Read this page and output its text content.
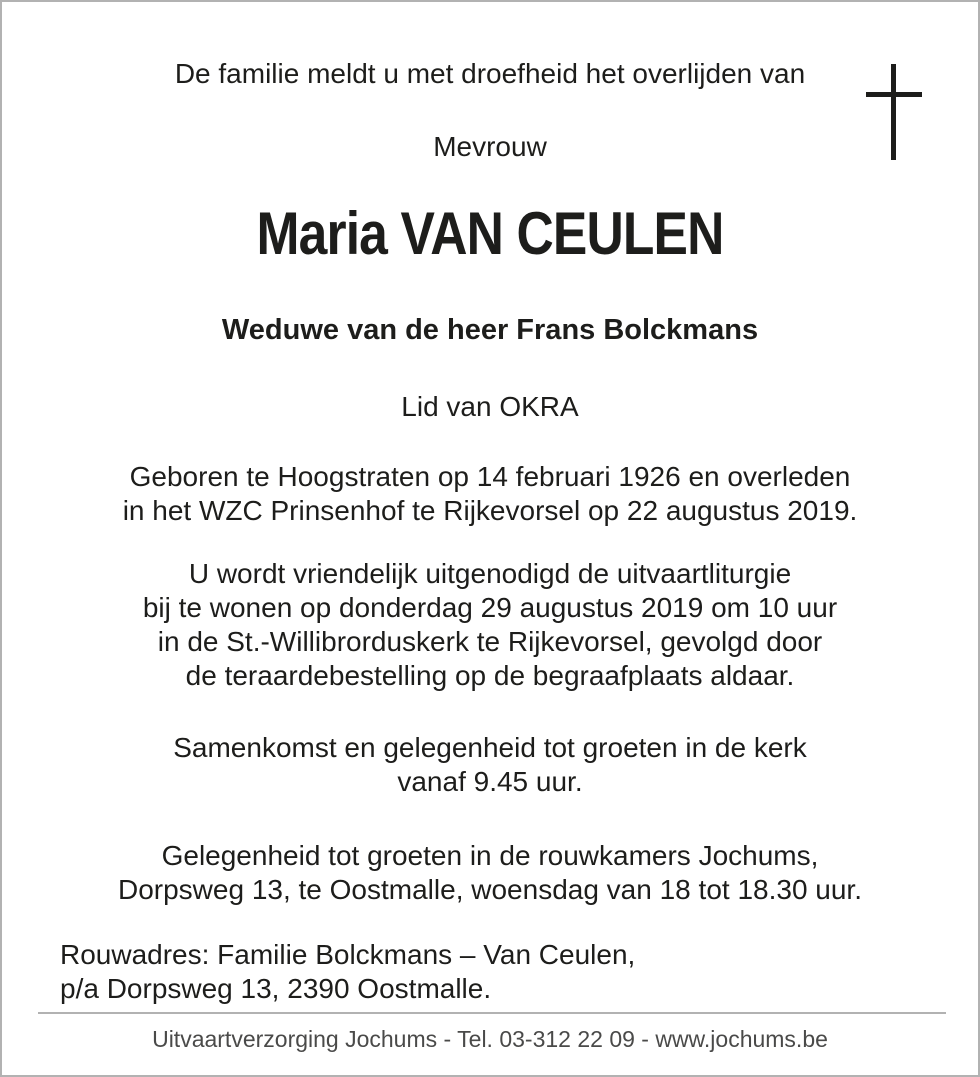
De familie meldt u met droefheid het overlijden van
Mevrouw
Maria VAN CEULEN
Weduwe van de heer Frans Bolckmans
Lid van OKRA
Geboren te Hoogstraten op 14 februari 1926 en overleden
in het WZC Prinsenhof te Rijkevorsel op 22 augustus 2019.
U wordt vriendelijk uitgenodigd de uitvaartliturgie
bij te wonen op donderdag 29 augustus 2019 om 10 uur
in de St.-Willibrorduskerk te Rijkevorsel, gevolgd door
de teraardebestelling op de begraafplaats aldaar.
Samenkomst en gelegenheid tot groeten in de kerk
vanaf 9.45 uur.
Gelegenheid tot groeten in de rouwkamers Jochums,
Dorpsweg 13, te Oostmalle, woensdag van 18 tot 18.30 uur.
Rouwadres: Familie Bolckmans – Van Ceulen,
p/a Dorpsweg 13, 2390 Oostmalle.
Uitvaartverzorging Jochums - Tel. 03-312 22 09 - www.jochums.be
